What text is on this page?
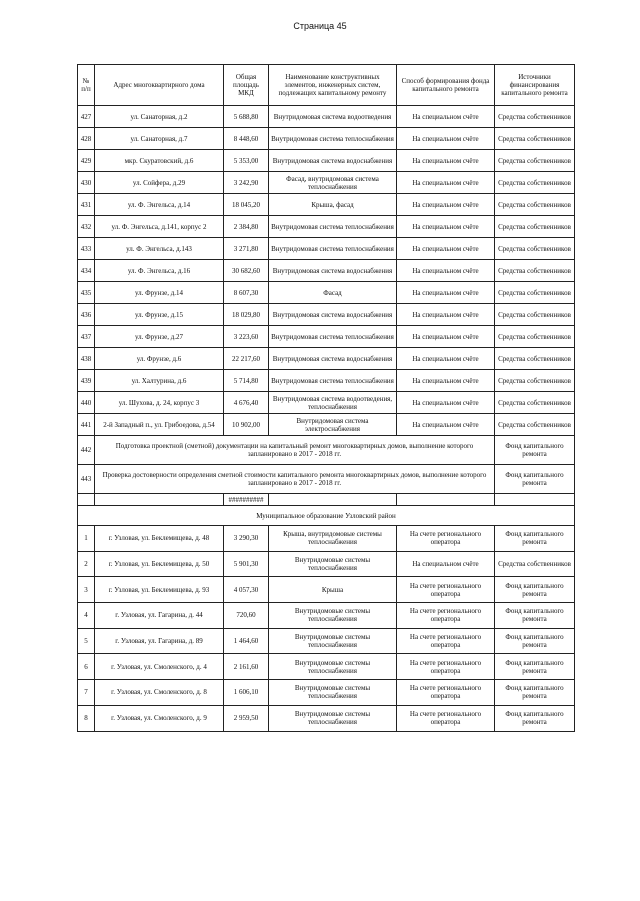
Страница 45
№ п/п	Адрес многоквартирного дома	Общая площадь МКД	Наименование конструктивных элементов, инженерных систем, подлежащих капитальному ремонту	Способ формирования фонда капитального ремонта	Источники финансирования капитального ремонта
427	ул. Санаторная, д.2	5 688,80	Внутридомовая система водоотведения	На специальном счёте	Средства собственников
428	ул. Санаторная, д.7	8 448,60	Внутридомовая система теплоснабжения	На специальном счёте	Средства собственников
429	мкр. Скуратовский, д.6	5 353,00	Внутридомовая система водоснабжения	На специальном счёте	Средства собственников
430	ул. Сойфера, д.29	3 242,90	Фасад, внутридомовая система теплоснабжения	На специальном счёте	Средства собственников
431	ул. Ф. Энгельса, д.14	18 045,20	Крыша, фасад	На специальном счёте	Средства собственников
432	ул. Ф. Энгельса, д.141, корпус 2	2 384,80	Внутридомовая система теплоснабжения	На специальном счёте	Средства собственников
433	ул. Ф. Энгельса, д.143	3 271,80	Внутридомовая система теплоснабжения	На специальном счёте	Средства собственников
434	ул. Ф. Энгельса, д.16	30 682,60	Внутридомовая система водоснабжения	На специальном счёте	Средства собственников
435	ул. Фрунзе, д.14	8 607,30	Фасад	На специальном счёте	Средства собственников
436	ул. Фрунзе, д.15	18 029,80	Внутридомовая система водоснабжения	На специальном счёте	Средства собственников
437	ул. Фрунзе, д.27	3 223,60	Внутридомовая система теплоснабжения	На специальном счёте	Средства собственников
438	ул. Фрунзе, д.6	22 217,60	Внутридомовая система водоснабжения	На специальном счёте	Средства собственников
439	ул. Халтурина, д.6	5 714,80	Внутридомовая система теплоснабжения	На специальном счёте	Средства собственников
440	ул. Шухова, д. 24, корпус 3	4 676,40	Внутридомовая система водоотведения, теплоснабжения	На специальном счёте	Средства собственников
441	2-й Западный п., ул. Грибоедова, д.54	10 902,00	Внутридомовая система электроснабжения	На специальном счёте	Средства собственников
442	Подготовка проектной (сметной) документации на капитальный ремонт многоквартирных домов, выполнение которого запланировано в 2017 - 2018 гг.				Фонд капитального ремонта
443	Проверка достоверности определения сметной стоимости капитального ремонта многоквартирных домов, выполнение которого запланировано в 2017 - 2018 гг.				Фонд капитального ремонта
		##########			
Муниципальное образование Узловский район					
1	г. Узловая, ул. Беклемищева, д. 48	3 290,30	Крыша, внутридомовые системы теплоснабжения	На счете регионального оператора	Фонд капитального ремонта
2	г. Узловая, ул. Беклемищева, д. 50	5 901,30	Внутридомовые системы теплоснабжения	На специальном счёте	Средства собственников
3	г. Узловая, ул. Беклемищева, д. 93	4 057,30	Крыша	На счете регионального оператора	Фонд капитального ремонта
4	г. Узловая, ул. Гагарина, д. 44	720,60	Внутридомовые системы теплоснабжения	На счете регионального оператора	Фонд капитального ремонта
5	г. Узловая, ул. Гагарина, д. 89	1 464,60	Внутридомовые системы теплоснабжения	На счете регионального оператора	Фонд капитального ремонта
6	г. Узловая, ул. Смоленского, д. 4	2 161,60	Внутридомовые системы теплоснабжения	На счете регионального оператора	Фонд капитального ремонта
7	г. Узловая, ул. Смоленского, д. 8	1 606,10	Внутридомовые системы теплоснабжения	На счете регионального оператора	Фонд капитального ремонта
8	г. Узловая, ул. Смоленского, д. 9	2 959,50	Внутридомовые системы теплоснабжения	На счете регионального оператора	Фонд капитального ремонта
